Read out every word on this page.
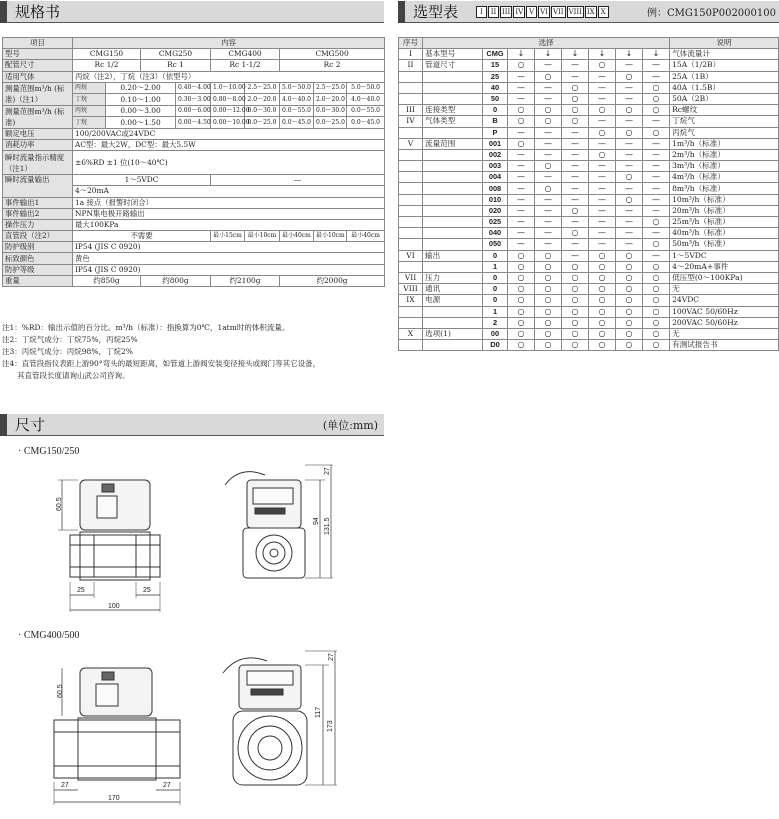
规格书
项目	内容								
型号	CMG150		CMG250		CMG400		CMG500		
配管尺寸	Rc 1/2		Rc 1		Rc 1-1/2		Rc 2		
适用气体	丙烷（注2），丁烷（注3）（依型号）								
测量范围m³/h (标准)（注1）	丙烷	0.20～2.00		0.40～4.00	1.0～10.00	2.5～25.0	5.0～50.0	2.5～25.0	5.0～50.0
	丁烷	0.10～1.00		0.30～3.00	0.80～8.00	2.0～20.0	4.0～40.0	2.0～20.0	4.0～40.0
测量范围m³/h (标准)	丙烷	0.00～3.00		0.00～6.00	0.00～12.00	0.0～30.0	0.0～55.0	0.0～30.0	0.0～55.0
	丁烷	0.00～1.50		0.00～4.50	0.00～10.00	0.0～25.0	0.0～45.0	0.0～25.0	0.0～45.0
额定电压	100/200VAC或24VDC								
消耗功率	AC型：最大2W，DC型：最大5.5W								
瞬时流量指示精度（注1）	±6%RD ±1 位(10～40℃)								
瞬时流量输出	1～5VDC				—				
	4～20mA								
事件输出1	1a 接点（报警时闭合）								
事件输出2	NPN集电极开路输出								
操作压力	最大100KPa								
直管段（注2）	不需要				最小15cm	最小10cm	最小40cm	最小10cm	最小40cm
防护级别	IP54 (JIS C 0920)								
标致颜色	黄色								
防护等级	IP54 (JIS C 0920)								
重量	约850g		约800g		约2100g		约2000g		
注1：%RD：输出示值的百分比。m³/h（标准）：指换算为0℃，1atm时的体积流量。
注2：丁烷气成分：丁烷75%，丙烷25%
注3：丙烷气成分：丙烷98%，丁烷2%
注4：直管段指仪表距上游90°弯头的最短距离，如管道上游阀安装变径接头或阀门等其它设备，
　　其直管段长度请询山武公司咨询。
选型表	I	II III IV V VI VII VIII IX X	例：CMG150P002000100
序号	选择								说明
I	基本型号	CMG	↓	↓	↓	↓	↓	↓	气体流量计
II	管道尺寸	15	○	—	—	○	—	—	15A（1/2B）
		25	—	○	—	—	○	—	25A（1B）
		40	—	—	○	—	—	○	40A（1.5B）
		50	—	—	○	—	—	○	50A（2B）
III	连接类型	0	○	○	○	○	○	○	Rc螺纹
IV	气体类型	B	○	○	○	—	—	—	丁烷气
		P	—	—	—	○	○	○	丙烷气
V	流量范围	001	○	—	—	—	—	—	1m³/h（标准）
		002	—	—	—	○	—	—	2m³/h（标准）
		003	—	○	—	—	—	—	3m³/h（标准）
		004	—	—	—	—	○	—	4m³/h（标准）
		008	—	○	—	—	—	—	8m³/h（标准）
		010	—	—	—	—	○	—	10m³/h（标准）
		020	—	—	○	—	—	—	20m³/h（标准）
		025	—	—	—	—	—	○	25m³/h（标准）
		040	—	—	○	—	—	—	40m³/h（标准）
		050	—	—	—	—	—	○	50m³/h（标准）
VI	输出	0	○	○	—	○	○	—	1～5VDC
		1	○	○	○	○	○	○	4～20mA+事件
VII	压力	0	○	○	○	○	○	○	低压型(0～100KPa)
VIII	通讯	0	○	○	○	○	○	○	无
IX	电源	0	○	○	○	○	○	○	24VDC
		1	○	○	○	○	○	○	100VAC 50/60Hz
		2	○	○	○	○	○	○	200VAC 50/60Hz
X	选项(1)	00	○	○	○	○	○	○	无
		D0	○	○	○	○	○	○	有测试报告书
尺寸	(单位:mm)
· CMG150/250
· CMG400/500
60.5
25	25
100
27
94 131.5
60.5
27	27
170
27
117
173
